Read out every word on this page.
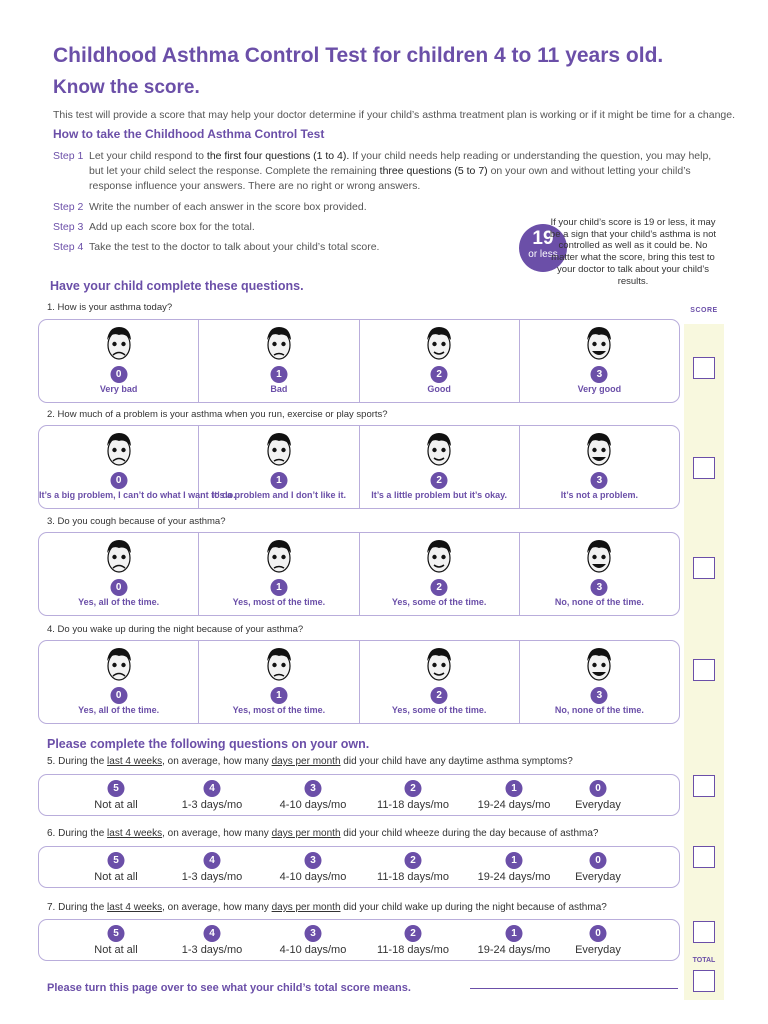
Childhood Asthma Control Test for children 4 to 11 years old.
Know the score.
This test will provide a score that may help your doctor determine if your child’s asthma treatment plan is working or if it might be time for a change.
How to take the Childhood Asthma Control Test
Step 1 Let your child respond to the first four questions (1 to 4). If your child needs help reading or understanding the question, you may help, but let your child select the response. Complete the remaining three questions (5 to 7) on your own and without letting your child’s response influence your answers. There are no right or wrong answers.
Step 2 Write the number of each answer in the score box provided.
Step 3 Add up each score box for the total.
Step 4 Take the test to the doctor to talk about your child’s total score.	19
or less
If your child’s score is 19 or less, it may be a sign that your child’s asthma is not controlled as well as it could be. No matter what the score, bring this test to your doctor to talk about your child’s results.
Have your child complete these questions.
SCORE
TOTAL
1. How is your asthma today?
0
Very bad
1
Bad
2
Good
3
Very good
2. How much of a problem is your asthma when you run, exercise or play sports?
0
It’s a big problem, I can’t do what I want to do.
1
It’s a problem and I don’t like it.
2
It’s a little problem but it’s okay.
3
It’s not a problem.
3. Do you cough because of your asthma?
0
Yes, all of the time.
1
Yes, most of the time.
2
Yes, some of the time.
3
No, none of the time.
4. Do you wake up during the night because of your asthma?
0
Yes, all of the time.
1
Yes, most of the time.
2
Yes, some of the time.
3
No, none of the time.
Please complete the following questions on your own.
5. During the last 4 weeks, on average, how many days per month did your child have any daytime asthma symptoms?
5
Not at all
4
1-3 days/mo
3
4-10 days/mo
2
11-18 days/mo
1
19-24 days/mo
0
Everyday
6. During the last 4 weeks, on average, how many days per month did your child wheeze during the day because of asthma?
5
Not at all
4
1-3 days/mo
3
4-10 days/mo
2
11-18 days/mo
1
19-24 days/mo
0
Everyday
7. During the last 4 weeks, on average, how many days per month did your child wake up during the night because of asthma?
5
Not at all
4
1-3 days/mo
3
4-10 days/mo
2
11-18 days/mo
1
19-24 days/mo
0
Everyday
Please turn this page over to see what your child’s total score means.
